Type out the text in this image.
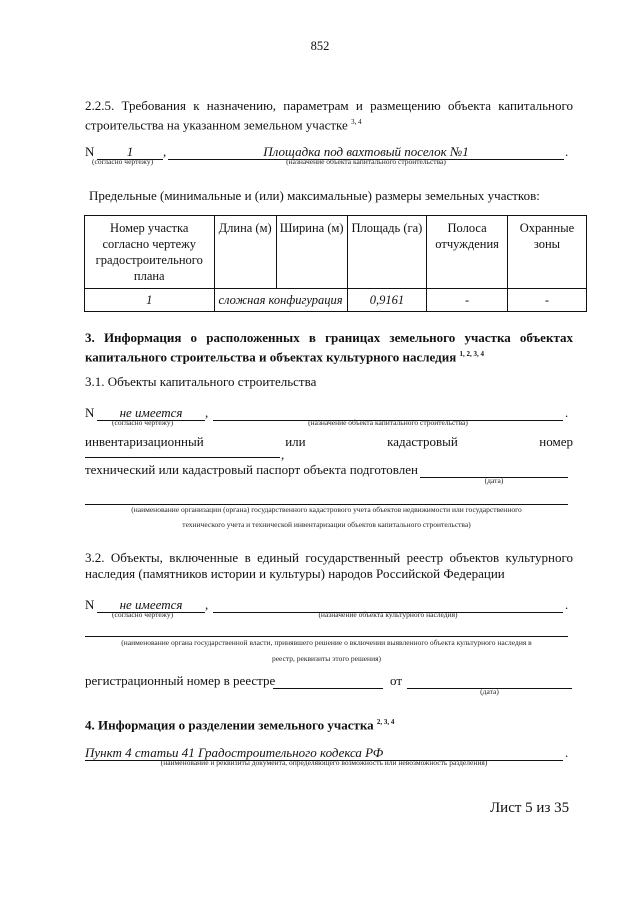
852
2.2.5. Требования к назначению, параметрам и размещению объекта капитального строительства на указанном земельном участке $^{3, 4}$
N	1	,
(согласно чертежу)
Площадка под вахтовый поселок №1	.
(назначение объекта капитального строительства)
Предельные (минимальные и (или) максимальные) размеры земельных участков:
Номер участка согласно чертежу градостроительного плана	Длина (м)	Ширина (м)	Площадь (га)	Полоса отчуждения	Охранные зоны
1	сложная конфигурация		0,9161	-	-
3. Информация о расположенных в границах земельного участка объектах капитального строительства и объектах культурного наследия $^{1, 2, 3, 4}$
3.1. Объекты капитального строительства
N	не имеется	,
(согласно чертежу)
.
(назначение объекта капитального строительства)
инвентаризационный	или	кадастровый	номер
,
технический или кадастровый паспорт объекта подготовлен
(дата)
(наименование организации (органа) государственного кадастрового учета объектов недвижимости или государственного
технического учета и технической инвентаризации объектов капитального строительства)
3.2. Объекты, включенные в единый государственный реестр объектов культурного наследия (памятников истории и культуры) народов Российской Федерации
N	не имеется	,
(согласно чертежу)
.
(назначение объекта культурного наследия)
(наименование органа государственной власти, принявшего решение о включении выявленного объекта культурного наследия в
реестр, реквизиты этого решения)
регистрационный номер в реестре	от
(дата)
4. Информация о разделении земельного участка $^{2, 3, 4}$
Пункт 4 статьи 41 Градостроительного кодекса РФ	.
(наименование и реквизиты документа, определяющего возможность или невозможность разделения)
Лист 5 из 35
